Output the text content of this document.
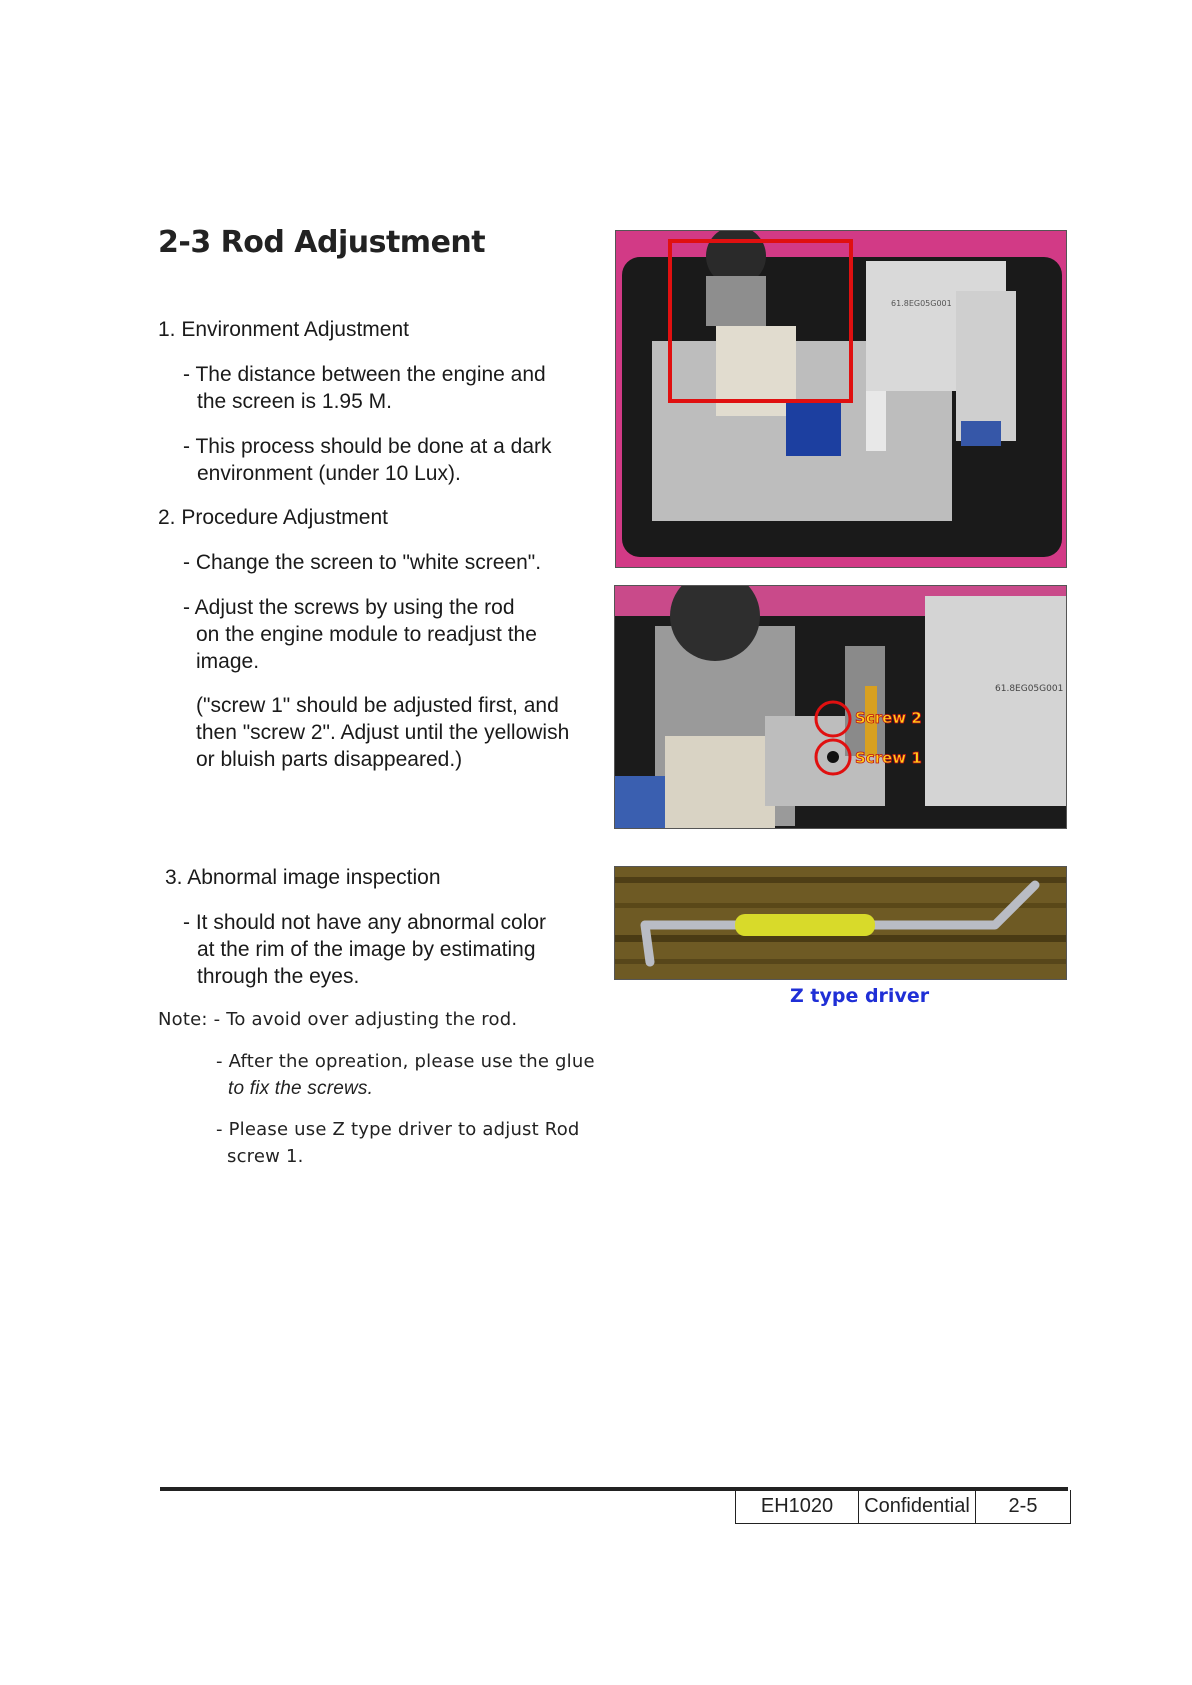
2-3 Rod Adjustment
1. Environment Adjustment
- The distance between the engine and
the screen is 1.95 M.
- This process should be done at a dark
environment (under 10 Lux).
2. Procedure Adjustment
- Change the screen to "white screen".
- Adjust the screws by using the rod
on the engine module to readjust the
image.
("screw 1" should be adjusted first, and
then "screw 2". Adjust until the yellowish
or bluish parts disappeared.)
3. Abnormal image inspection
- It should not have any abnormal color
at the rim of the image by estimating
through the eyes.
Note: - To avoid over adjusting the rod.
- After the opreation, please use the glue
to fix the screws.
- Please use Z type driver to adjust Rod
screw 1.
61.8EG05G001
61.8EG05G001
Screw 2
Screw 1
Z type driver
EH1020	Confidential	2-5
